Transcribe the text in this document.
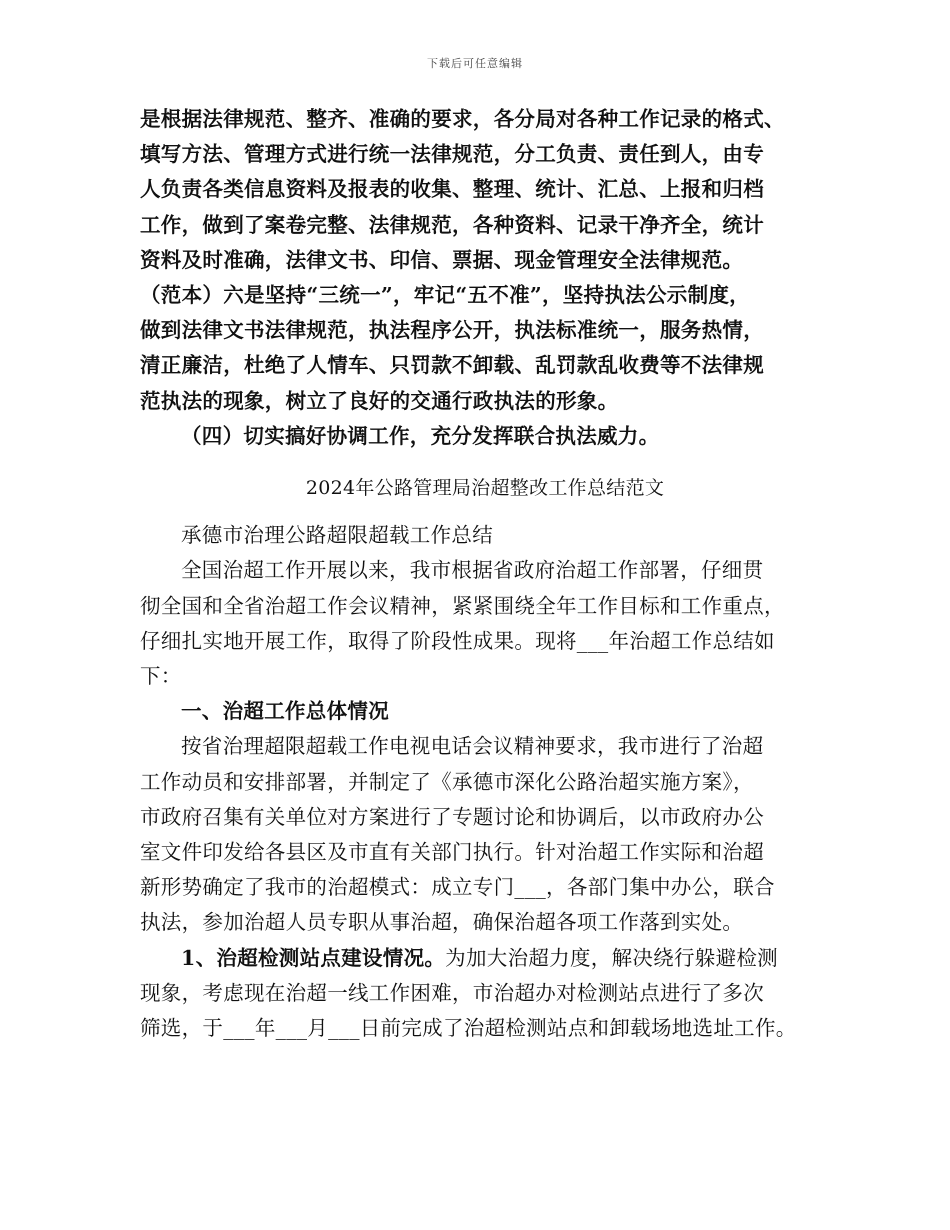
下载后可任意编辑
是根据法律规范、整齐、准确的要求，各分局对各种工作记录的格式、
填写方法、管理方式进行统一法律规范，分工负责、责任到人，由专
人负责各类信息资料及报表的收集、整理、统计、汇总、上报和归档
工作，做到了案卷完整、法律规范，各种资料、记录干净齐全，统计
资料及时准确，法律文书、印信、票据、现金管理安全法律规范。
（范本）六是坚持“三统一”，牢记“五不准”，坚持执法公示制度，
做到法律文书法律规范，执法程序公开，执法标准统一，服务热情，
清正廉洁，杜绝了人情车、只罚款不卸载、乱罚款乱收费等不法律规
范执法的现象，树立了良好的交通行政执法的形象。
（四）切实搞好协调工作，充分发挥联合执法威力。
2024年公路管理局治超整改工作总结范文
承德市治理公路超限超载工作总结
全国治超工作开展以来，我市根据省政府治超工作部署，仔细贯
彻全国和全省治超工作会议精神，紧紧围绕全年工作目标和工作重点，
仔细扎实地开展工作，取得了阶段性成果。现将___年治超工作总结如
下：
一、治超工作总体情况
按省治理超限超载工作电视电话会议精神要求，我市进行了治超
工作动员和安排部署，并制定了《承德市深化公路治超实施方案》，
市政府召集有关单位对方案进行了专题讨论和协调后，以市政府办公
室文件印发给各县区及市直有关部门执行。针对治超工作实际和治超
新形势确定了我市的治超模式：成立专门___，各部门集中办公，联合
执法，参加治超人员专职从事治超，确保治超各项工作落到实处。
1、治超检测站点建设情况。为加大治超力度，解决绕行躲避检测
现象，考虑现在治超一线工作困难，市治超办对检测站点进行了多次
筛选，于___年___月___日前完成了治超检测站点和卸载场地选址工作。
